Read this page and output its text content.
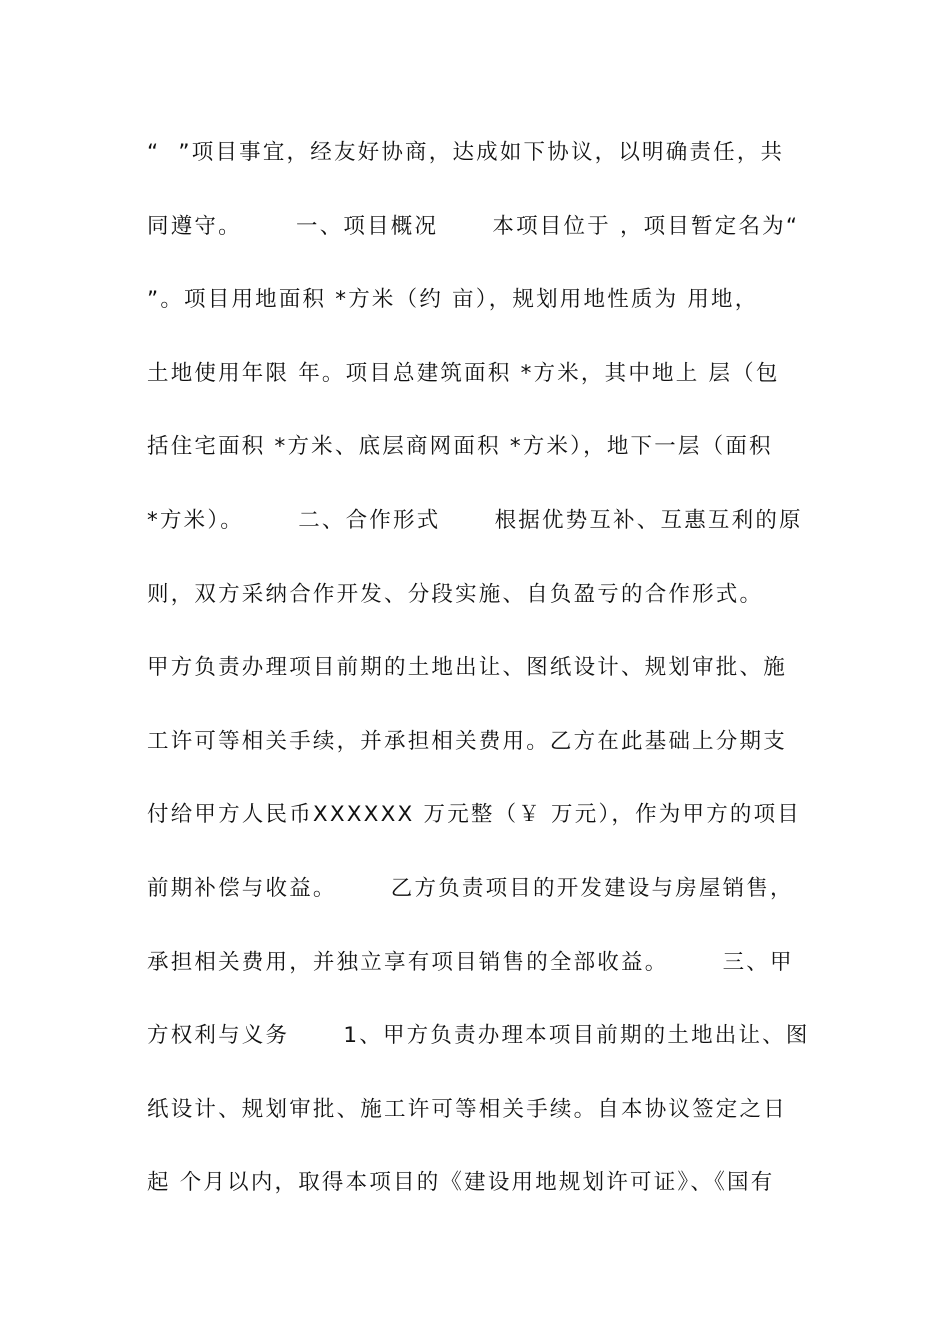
“  ”项目事宜，经友好协商，达成如下协议，以明确责任，共
同遵守。      一、项目概况      本项目位于 ，项目暂定名为“
”。项目用地面积 *方米（约 亩），规划用地性质为 用地，
土地使用年限 年。项目总建筑面积 *方米，其中地上 层（包
括住宅面积 *方米、底层商网面积 *方米），地下一层（面积
*方米）。      二、合作形式      根据优势互补、互惠互利的原
则，双方采纳合作开发、分段实施、自负盈亏的合作形式。
甲方负责办理项目前期的土地出让、图纸设计、规划审批、施
工许可等相关手续，并承担相关费用。乙方在此基础上分期支
付给甲方人民币XXXXXX 万元整（￥ 万元），作为甲方的项目
前期补偿与收益。      乙方负责项目的开发建设与房屋销售，
承担相关费用，并独立享有项目销售的全部收益。      三、甲
方权利与义务      1、甲方负责办理本项目前期的土地出让、图
纸设计、规划审批、施工许可等相关手续。自本协议签定之日
起 个月以内，取得本项目的《建设用地规划许可证》、《国有
